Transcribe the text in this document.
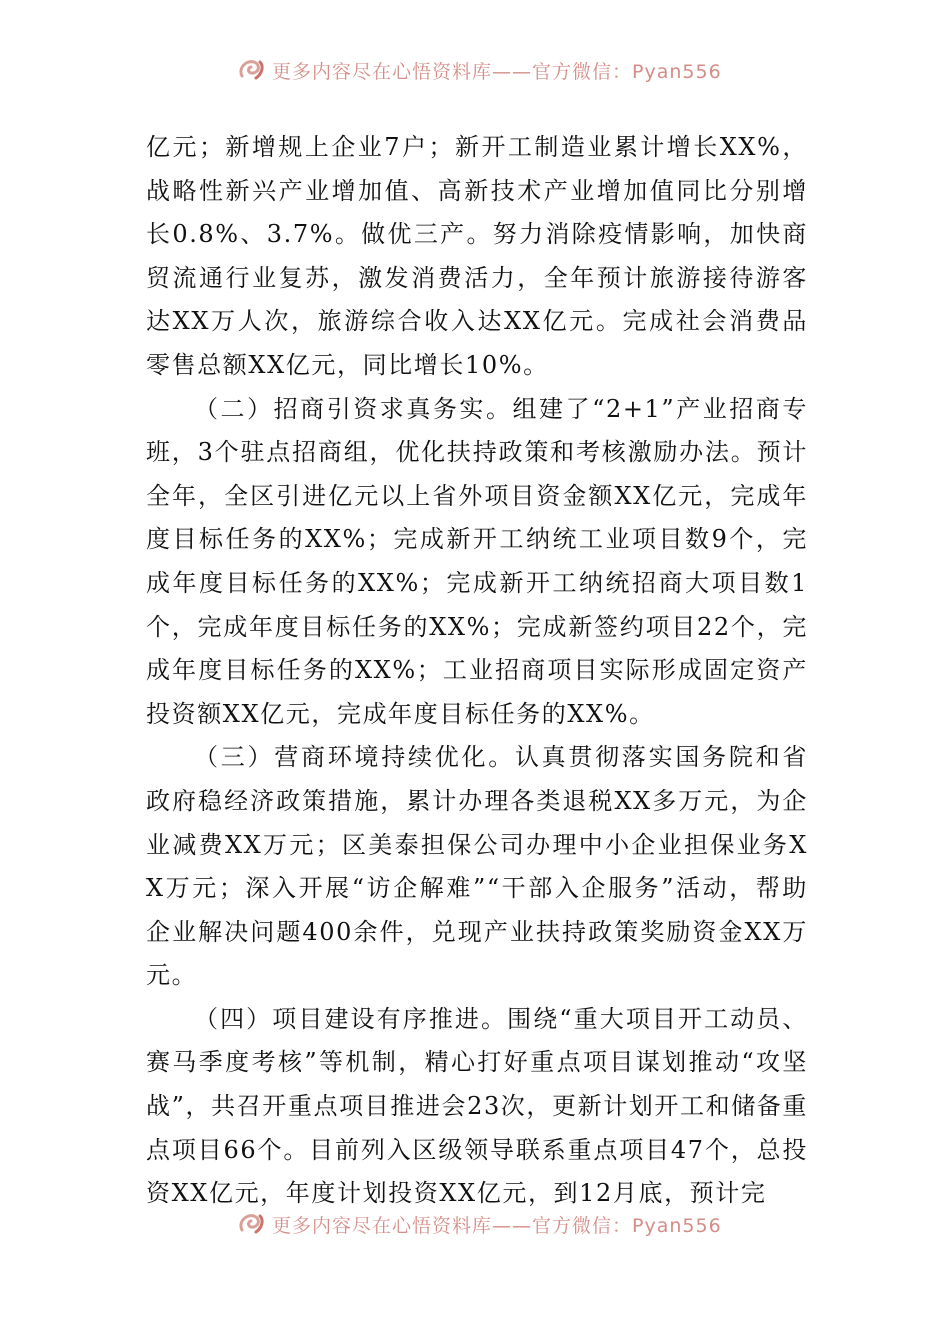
更多内容尽在心悟资料库——官方微信：Pyan556

亿元；新增规上企业7户；新开工制造业累计增长XX%，战略性新兴产业增加值、高新技术产业增加值同比分别增长0.8%、3.7%。做优三产。努力消除疫情影响，加快商贸流通行业复苏，激发消费活力，全年预计旅游接待游客达XX万人次，旅游综合收入达XX亿元。完成社会消费品零售总额XX亿元，同比增长10%。

（二）招商引资求真务实。组建了“2+1”产业招商专班，3个驻点招商组，优化扶持政策和考核激励办法。预计全年，全区引进亿元以上省外项目资金额XX亿元，完成年度目标任务的XX%；完成新开工纳统工业项目数9个，完成年度目标任务的XX%；完成新开工纳统招商大项目数1个，完成年度目标任务的XX%；完成新签约项目22个，完成年度目标任务的XX%；工业招商项目实际形成固定资产投资额XX亿元，完成年度目标任务的XX%。

（三）营商环境持续优化。认真贯彻落实国务院和省政府稳经济政策措施，累计办理各类退税XX多万元，为企业减费XX万元；区美泰担保公司办理中小企业担保业务XX万元；深入开展“访企解难”“干部入企服务”活动，帮助企业解决问题400余件，兑现产业扶持政策奖励资金XX万元。

（四）项目建设有序推进。围绕“重大项目开工动员、赛马季度考核”等机制，精心打好重点项目谋划推动“攻坚战”，共召开重点项目推进会23次，更新计划开工和储备重点项目66个。目前列入区级领导联系重点项目47个，总投资XX亿元，年度计划投资XX亿元，到12月底，预计完

更多内容尽在心悟资料库——官方微信：Pyan556
